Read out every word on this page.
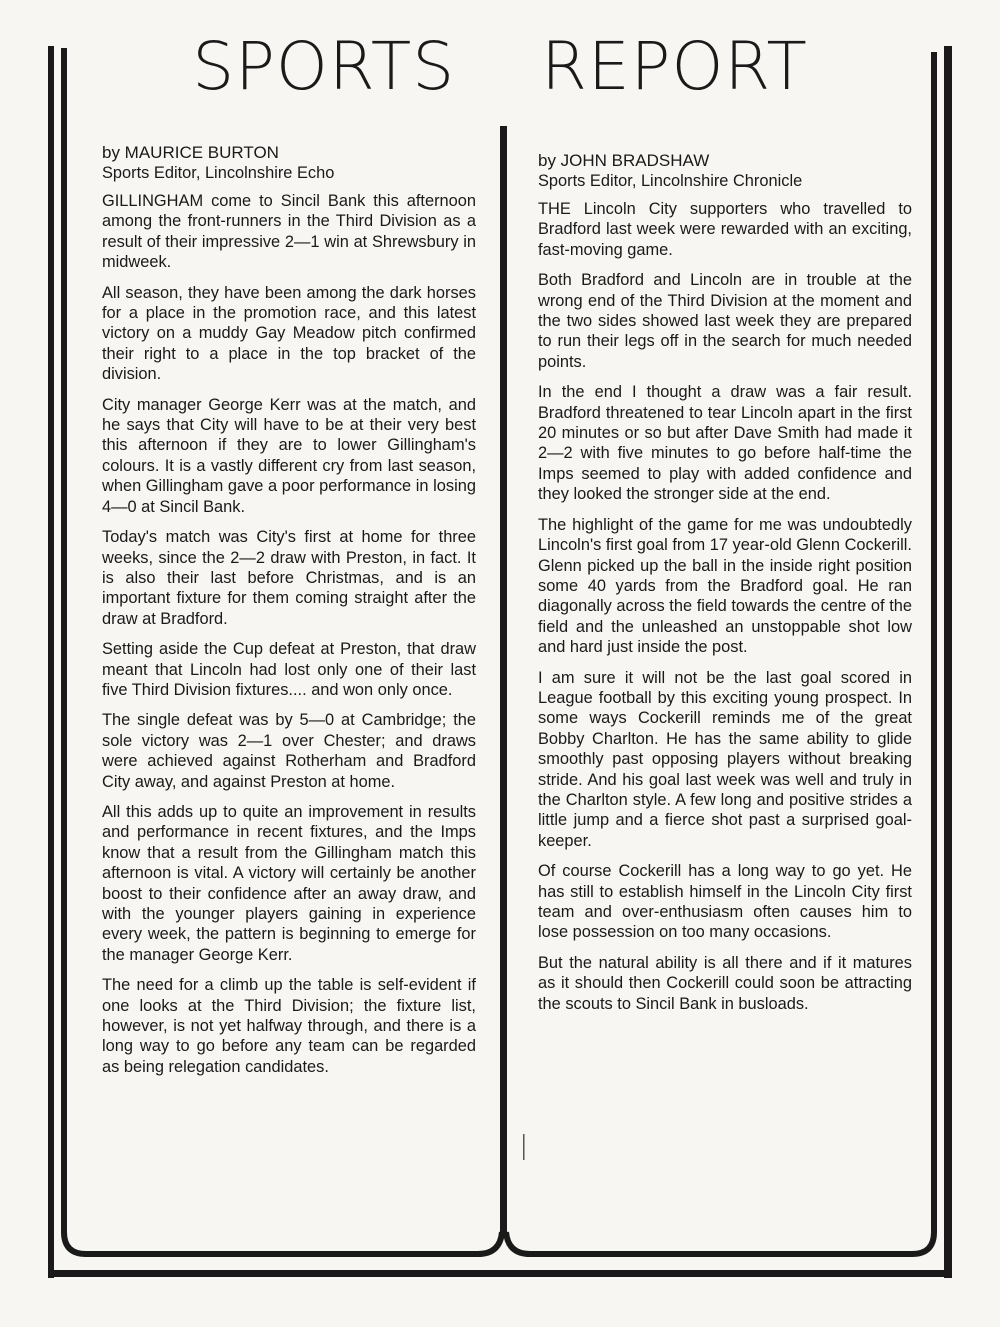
SPORTS REPORT
by MAURICE BURTON
Sports Editor, Lincolnshire Echo

GILLINGHAM come to Sincil Bank this afternoon among the front-runners in the Third Division as a result of their impressive 2—1 win at Shrewsbury in midweek.

All season, they have been among the dark horses for a place in the promotion race, and this latest victory on a muddy Gay Meadow pitch confirmed their right to a place in the top bracket of the division.

City manager George Kerr was at the match, and he says that City will have to be at their very best this afternoon if they are to lower Gillingham's colours. It is a vastly different cry from last season, when Gillingham gave a poor performance in losing 4—0 at Sincil Bank.

Today's match was City's first at home for three weeks, since the 2—2 draw with Preston, in fact. It is also their last before Christmas, and is an important fixture for them coming straight after the draw at Bradford.

Setting aside the Cup defeat at Preston, that draw meant that Lincoln had lost only one of their last five Third Division fixtures.... and won only once.

The single defeat was by 5—0 at Cambridge; the sole victory was 2—1 over Chester; and draws were achieved against Rotherham and Bradford City away, and against Preston at home.

All this adds up to quite an improvement in results and performance in recent fixtures, and the Imps know that a result from the Gillingham match this afternoon is vital. A victory will certainly be another boost to their confidence after an away draw, and with the younger players gaining in experience every week, the pattern is beginning to emerge for the manager George Kerr.

The need for a climb up the table is self-evident if one looks at the Third Division; the fixture list, however, is not yet halfway through, and there is a long way to go before any team can be regarded as being relegation candidates.

by JOHN BRADSHAW
Sports Editor, Lincolnshire Chronicle

THE Lincoln City supporters who travelled to Bradford last week were rewarded with an exciting, fast-moving game.

Both Bradford and Lincoln are in trouble at the wrong end of the Third Division at the moment and the two sides showed last week they are prepared to run their legs off in the search for much needed points.

In the end I thought a draw was a fair result. Bradford threatened to tear Lincoln apart in the first 20 minutes or so but after Dave Smith had made it 2—2 with five minutes to go before half-time the Imps seemed to play with added confidence and they looked the stronger side at the end.

The highlight of the game for me was undoubtedly Lincoln's first goal from 17 year-old Glenn Cockerill. Glenn picked up the ball in the inside right position some 40 yards from the Bradford goal. He ran diagonally across the field towards the centre of the field and the unleashed an unstoppable shot low and hard just inside the post.

I am sure it will not be the last goal scored in League football by this exciting young prospect. In some ways Cockerill reminds me of the great Bobby Charlton. He has the same ability to glide smoothly past opposing players without breaking stride. And his goal last week was well and truly in the Charlton style. A few long and positive strides a little jump and a fierce shot past a surprised goal-keeper.

Of course Cockerill has a long way to go yet. He has still to establish himself in the Lincoln City first team and over-enthusiasm often causes him to lose possession on too many occasions.

But the natural ability is all there and if it matures as it should then Cockerill could soon be attracting the scouts to Sincil Bank in busloads.
